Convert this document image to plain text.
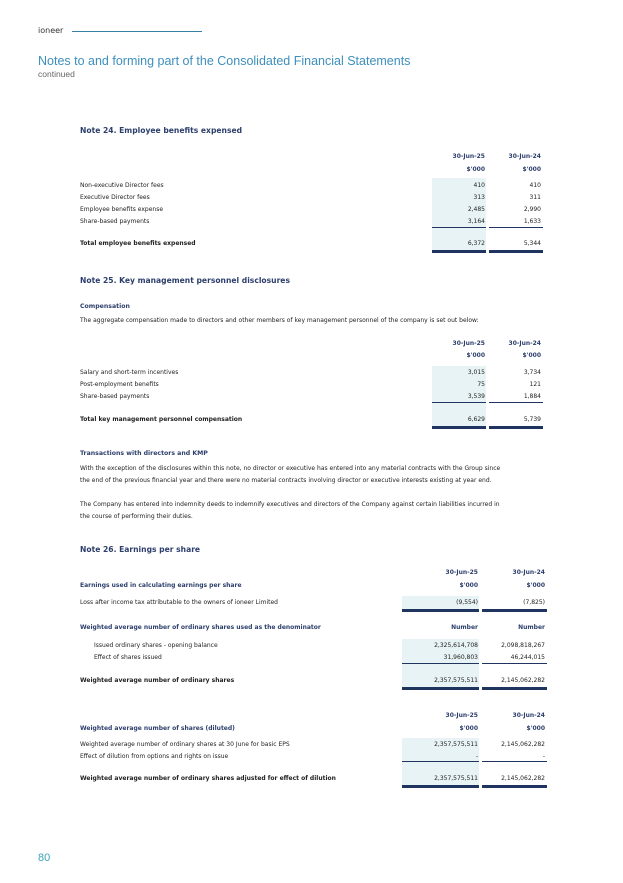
ioneer
Notes to and forming part of the Consolidated Financial Statements
continued
Note 24. Employee benefits expensed
30-Jun-25	30-Jun-24
$'000	$'000
Non-executive Director fees	410	410
Executive Director fees	313	311
Employee benefits expense	2,485	2,990
Share-based payments	3,164	1,633
Total employee benefits expensed	6,372	5,344
Note 25. Key management personnel disclosures
Compensation
The aggregate compensation made to directors and other members of key management personnel of the company is set out below:
30-Jun-25	30-Jun-24
$'000	$'000
Salary and short-term incentives	3,015	3,734
Post-employment benefits	75	121
Share-based payments	3,539	1,884
Total key management personnel compensation	6,629	5,739
Transactions with directors and KMP
With the exception of the disclosures within this note, no director or executive has entered into any material contracts with the Group since
the end of the previous financial year and there were no material contracts involving director or executive interests existing at year end.
The Company has entered into indemnity deeds to indemnify executives and directors of the Company against certain liabilities incurred in
the course of performing their duties.
Note 26. Earnings per share
30-Jun-25	30-Jun-24
Earnings used in calculating earnings per share	$'000	$'000
Loss after income tax attributable to the owners of ioneer Limited	(9,554)	(7,825)
Weighted average number of ordinary shares used as the denominator	Number	Number
Issued ordinary shares - opening balance	2,325,614,708	2,098,818,267
Effect of shares issued	31,960,803	46,244,015
Weighted average number of ordinary shares	2,357,575,511	2,145,062,282
30-Jun-25	30-Jun-24
Weighted average number of shares (diluted)	$'000	$'000
Weighted average number of ordinary shares at 30 June for basic EPS	2,357,575,511	2,145,062,282
Effect of dilution from options and rights on issue	-	-
Weighted average number of ordinary shares adjusted for effect of dilution	2,357,575,511	2,145,062,282
80
